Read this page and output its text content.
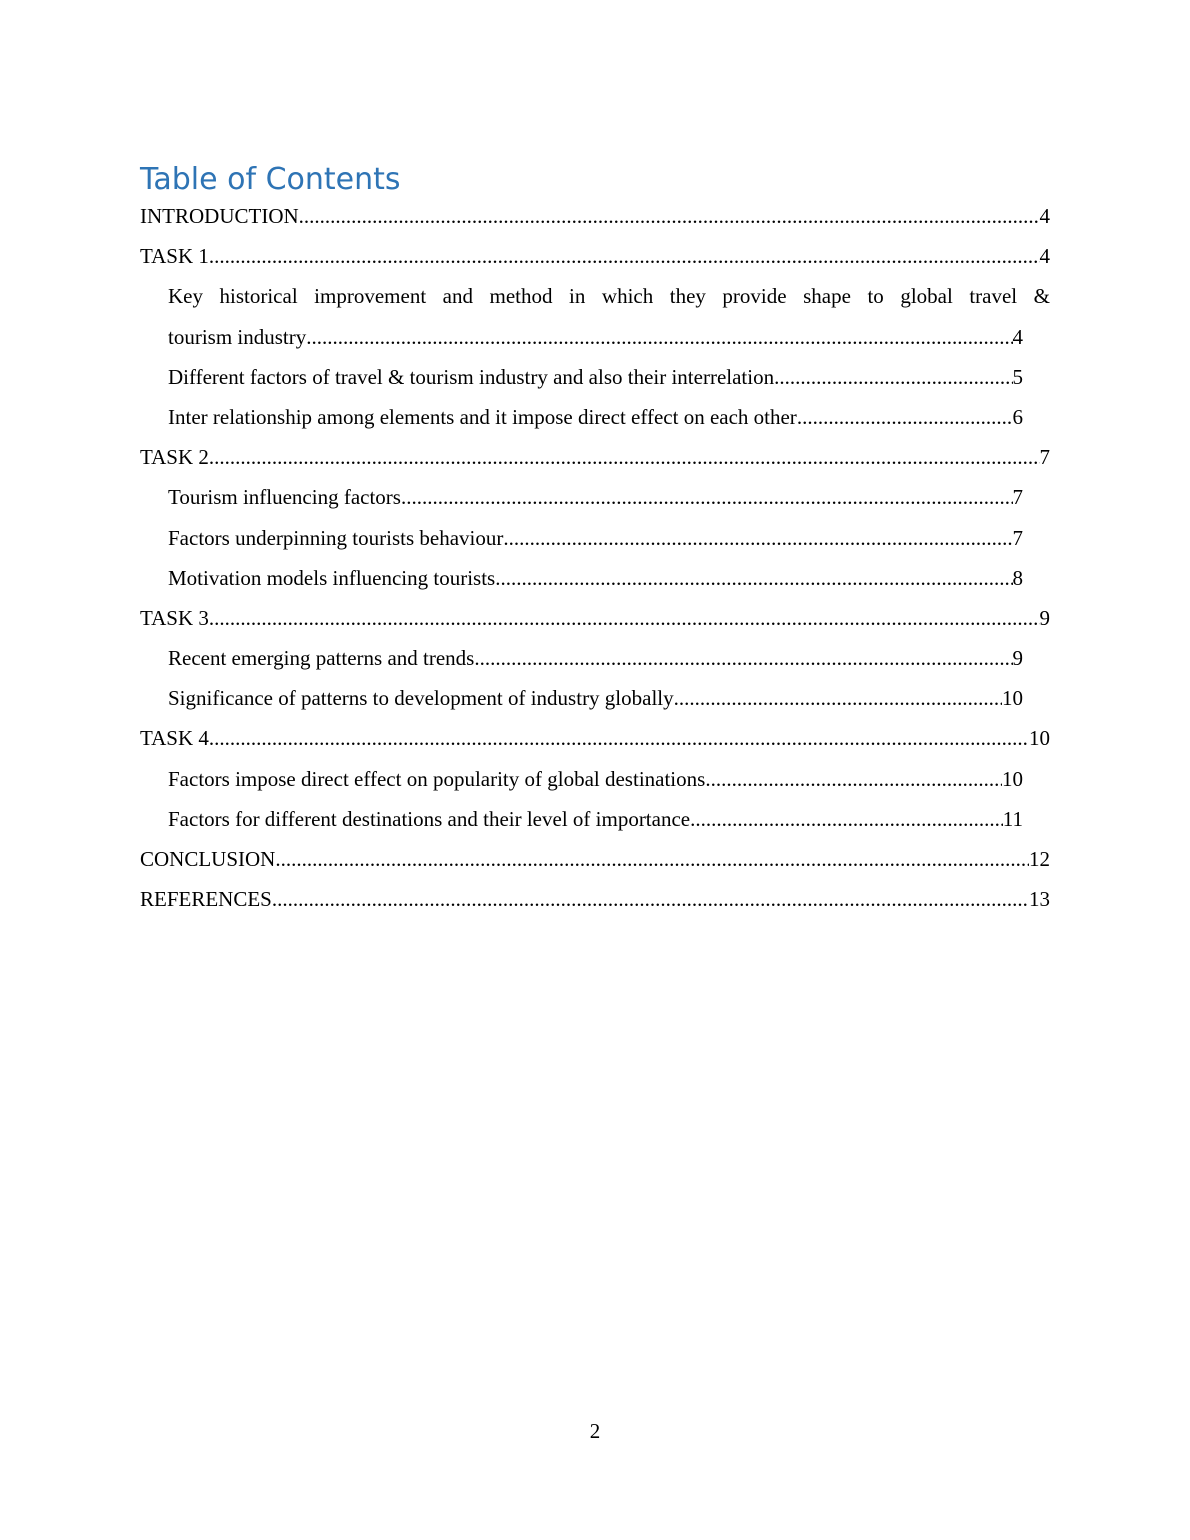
Table of Contents
INTRODUCTION .....	4
TASK 1 .....	4
Key historical improvement and method in which they provide shape to global travel &
tourism industry .....	4
Different factors of travel & tourism industry and also their interrelation .....	5
Inter relationship among elements and it impose direct effect on each other .....	6
TASK 2 .....	7
Tourism influencing factors .....	7
Factors underpinning tourists behaviour .....	7
Motivation models influencing tourists .....	8
TASK 3 .....	9
Recent emerging patterns and trends .....	9
Significance of patterns to development of industry globally .....	10
TASK 4 .....	10
Factors impose direct effect on popularity of global destinations .....	10
Factors for different destinations and their level of importance .....	11
CONCLUSION .....	12
REFERENCES .....	13
2
